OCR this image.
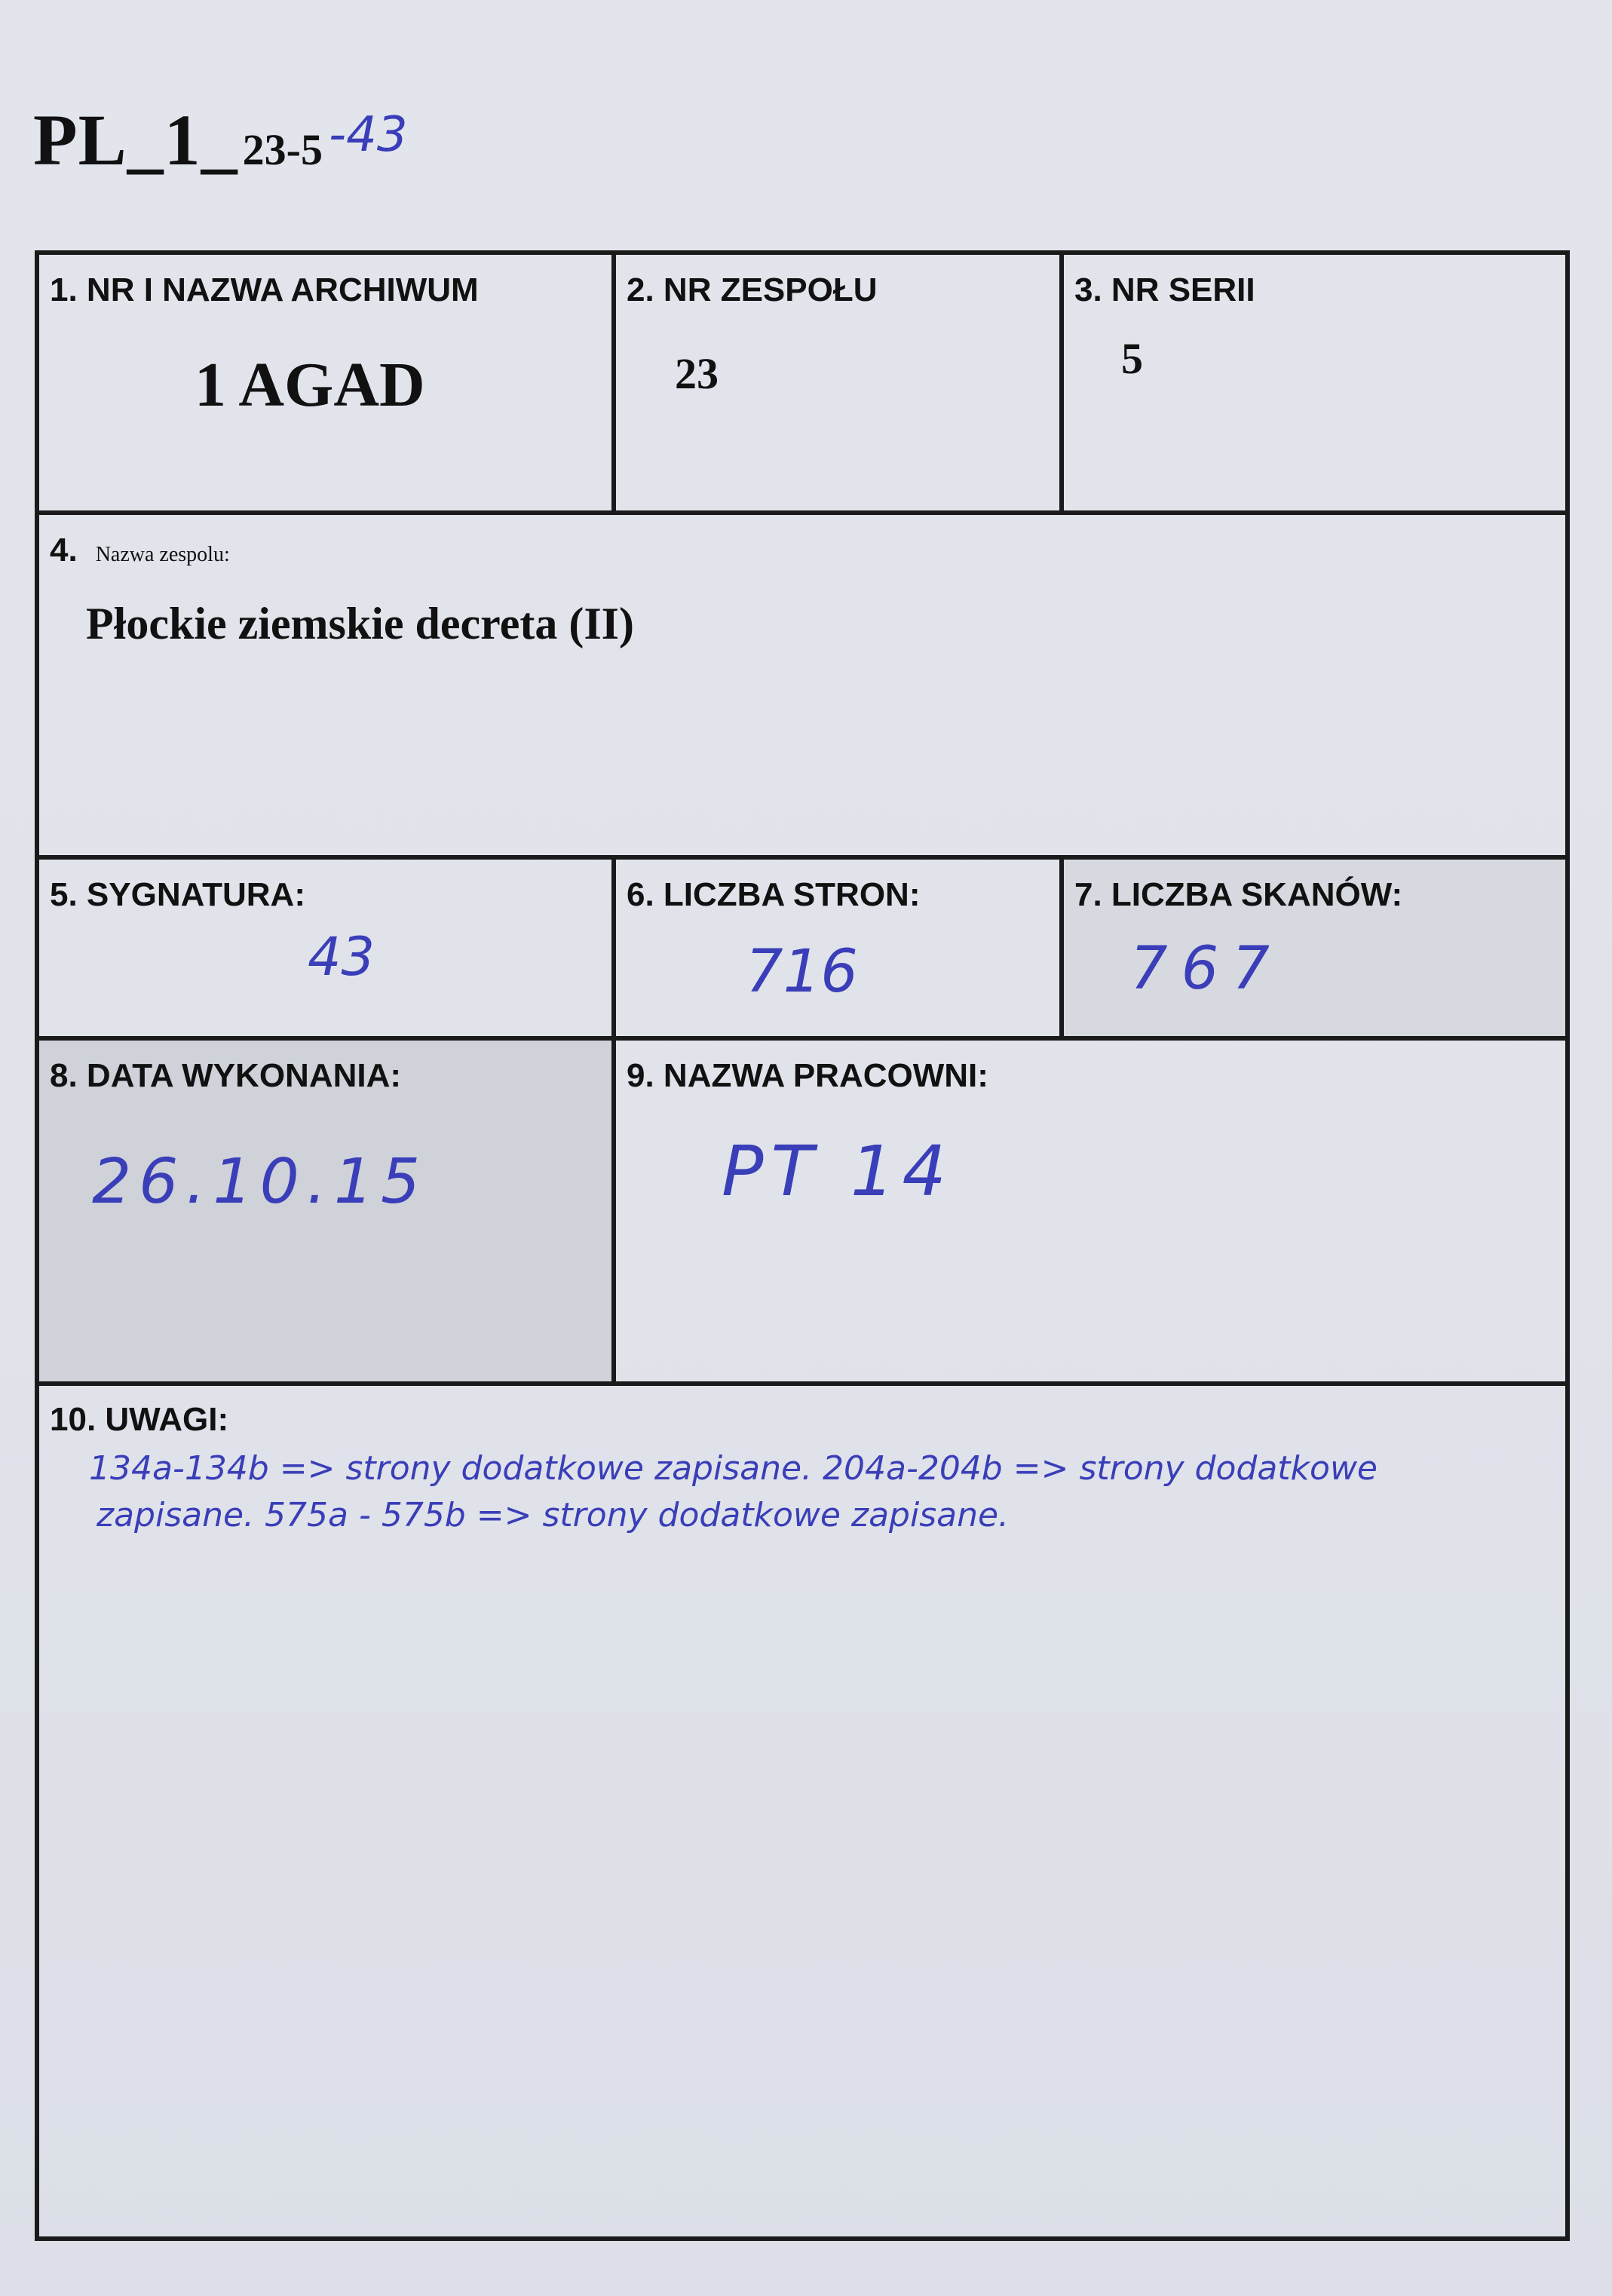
PL_1_ 23-5 -43
1. NR I NAZWA ARCHIWUM
1 AGAD
2. NR ZESPOŁU
23
3. NR SERII
5
4. Nazwa zespolu:
Płockie ziemskie decreta (II)
5. SYGNATURA:
43
6. LICZBA STRON:
716
7. LICZBA SKANÓW:
767
8. DATA WYKONANIA:
26.10.15
9. NAZWA PRACOWNI:
PT 14
10. UWAGI:
134a-134b => strony dodatkowe zapisane. 204a-204b => strony dodatkowe
zapisane. 575a - 575b => strony dodatkowe zapisane.
